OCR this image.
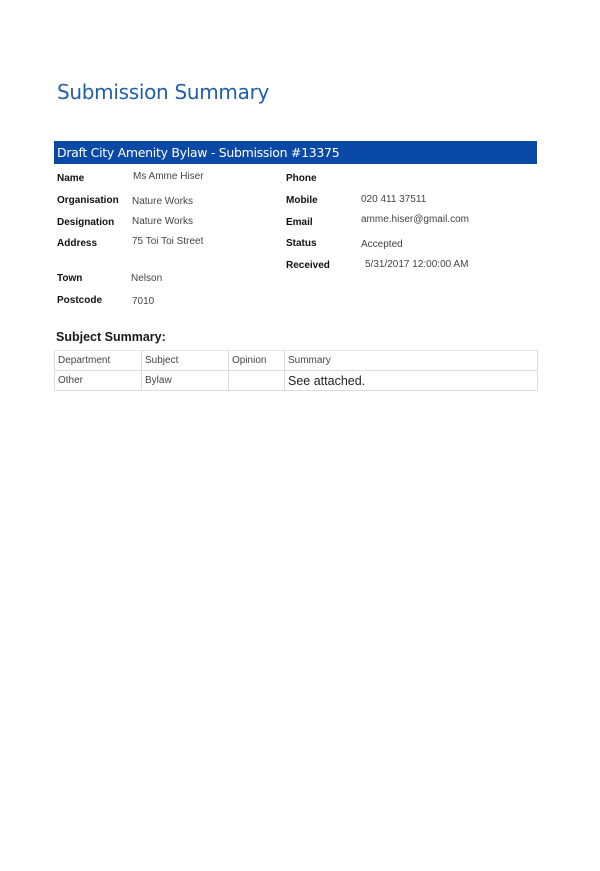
Submission Summary
Draft City Amenity Bylaw - Submission #13375
Name	Ms Amme Hiser
Organisation Nature Works
Designation Nature Works
Address	75 Toi Toi Street
Town	Nelson
Postcode	7010
Phone
Mobile	020 411 37511
Email	amme.hiser@gmail.com
Status	Accepted
Received	5/31/2017 12:00:00 AM
Subject Summary:
Department	Subject	Opinion	Summary
Other	Bylaw		See attached.
